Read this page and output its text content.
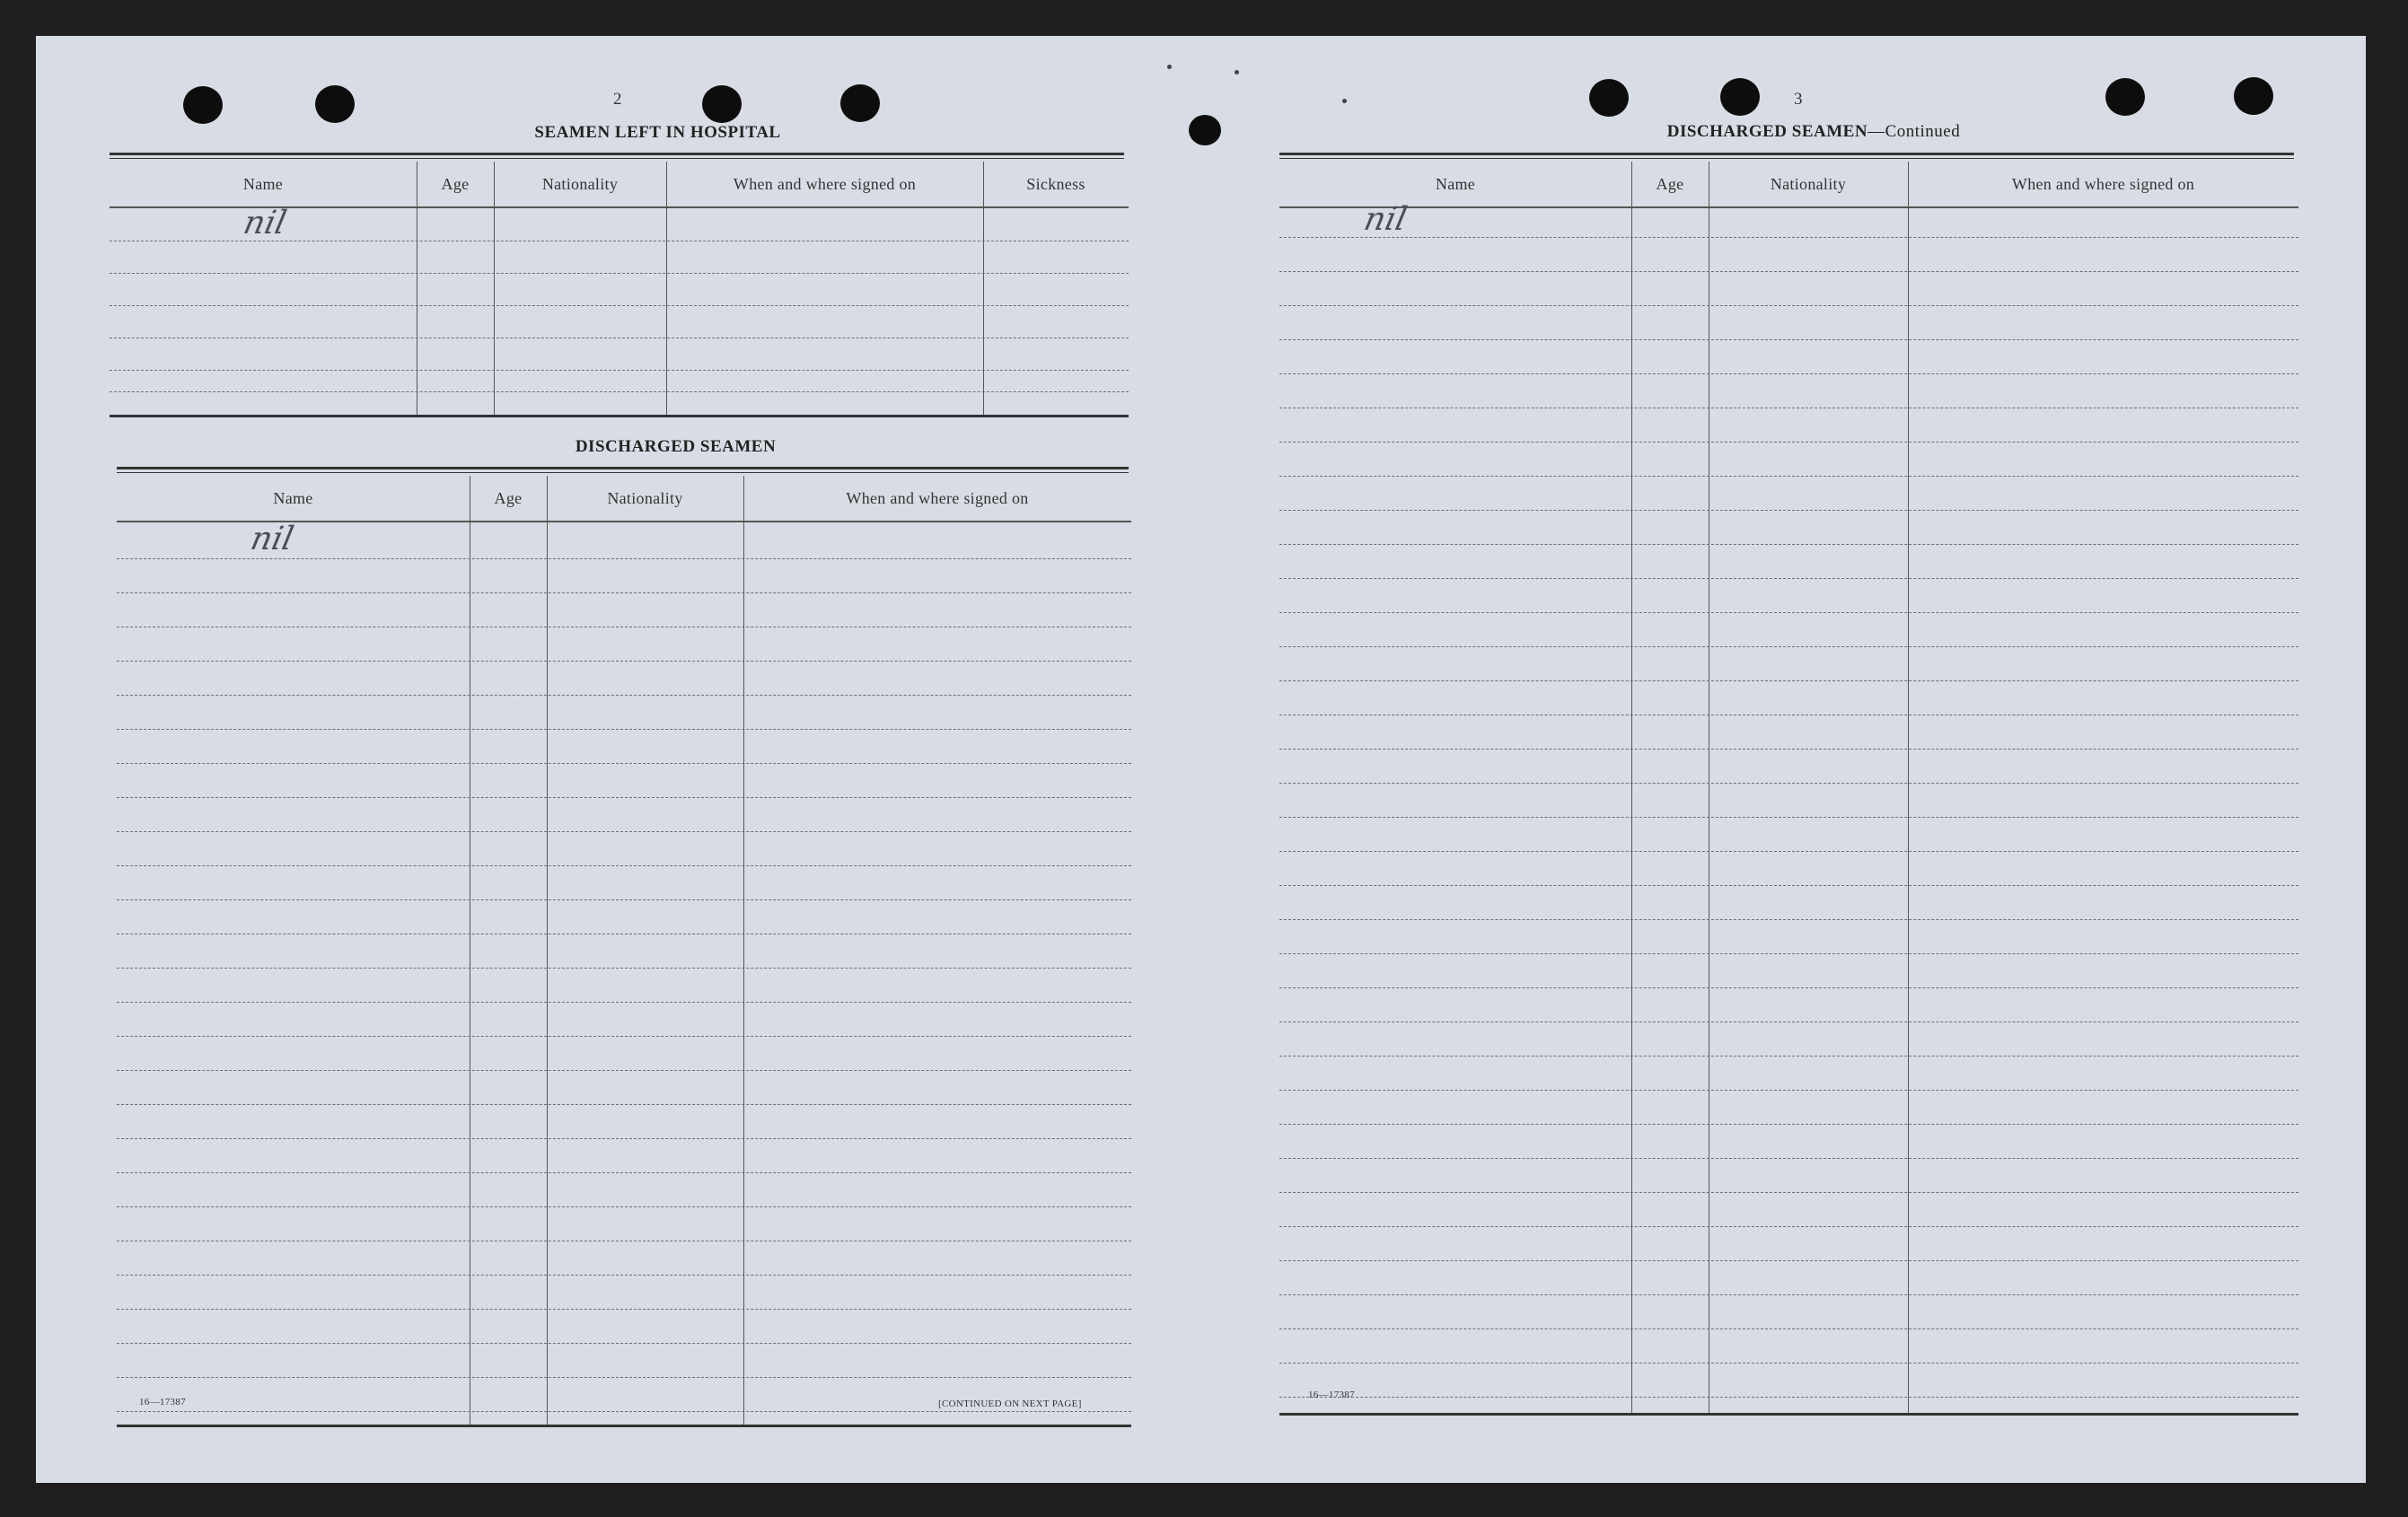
2
SEAMEN LEFT IN HOSPITAL
Name	Age	Nationality	When and where signed on	Sickness
nil
DISCHARGED SEAMEN
Name	Age	Nationality	When and where signed on
nil
16—17387	[CONTINUED ON NEXT PAGE]
3
DISCHARGED SEAMEN—Continued
Name	Age	Nationality	When and where signed on
nil
16—17387
